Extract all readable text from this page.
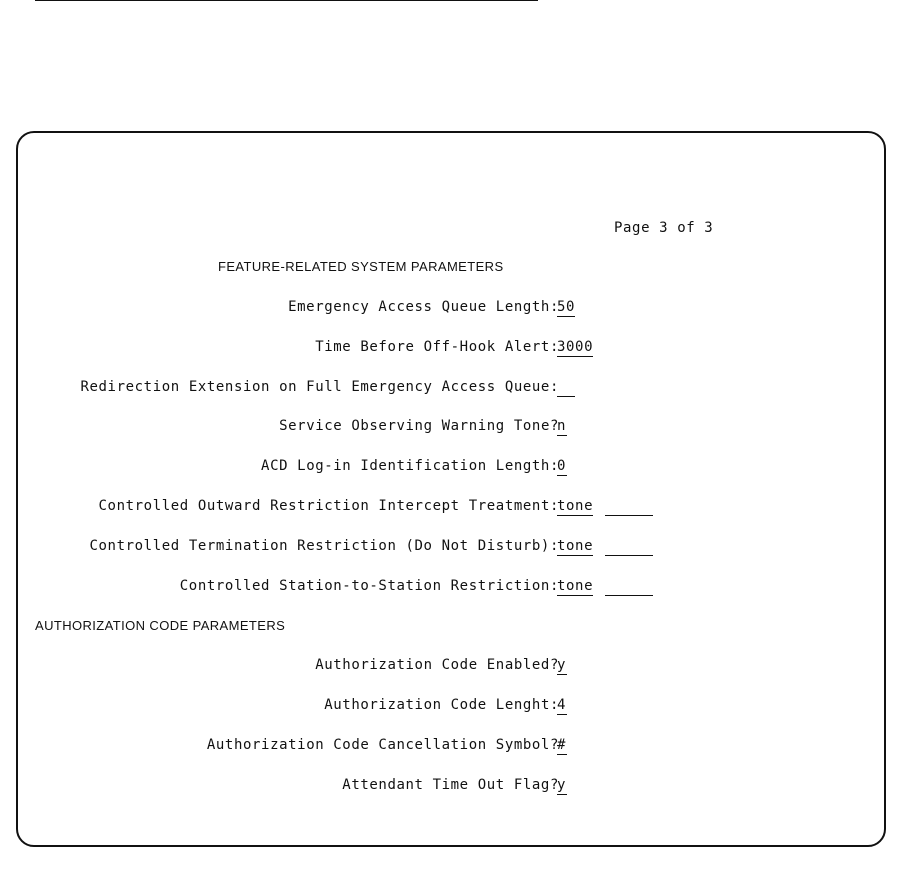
Page 3 of 3
FEATURE-RELATED SYSTEM PARAMETERS
Emergency Access Queue Length:
50
Time Before Off-Hook Alert:
3000
Redirection Extension on Full Emergency Access Queue:
Service Observing Warning Tone?
n
ACD Log-in Identification Length:
0
Controlled Outward Restriction Intercept Treatment:
tone
Controlled Termination Restriction (Do Not Disturb):
tone
Controlled Station-to-Station Restriction:
tone
AUTHORIZATION CODE PARAMETERS
Authorization Code Enabled?
y
Authorization Code Lenght:
4
Authorization Code Cancellation Symbol?
#
Attendant Time Out Flag?
y
